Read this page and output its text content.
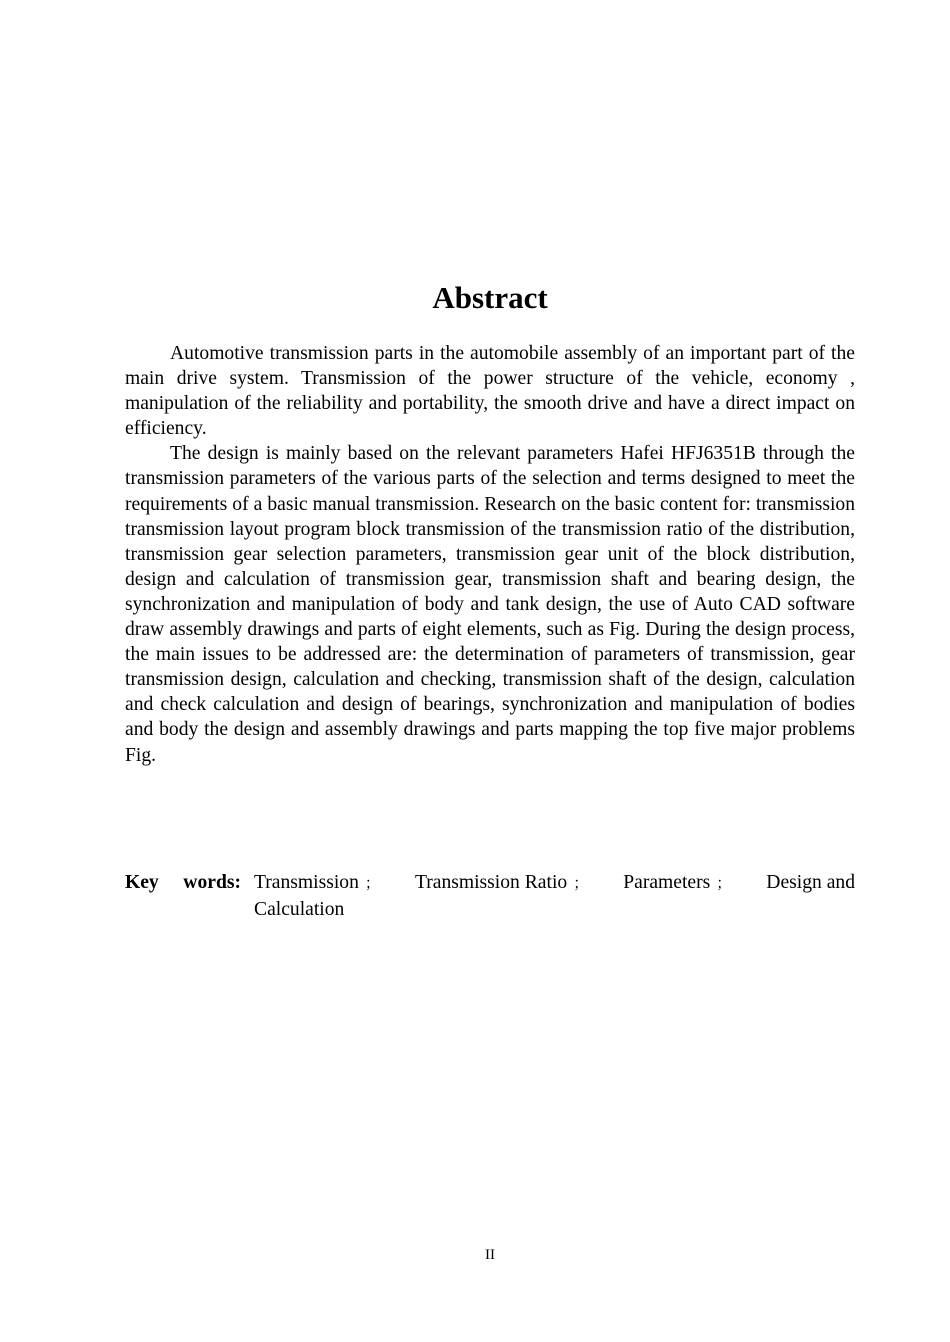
Abstract

Automotive transmission parts in the automobile assembly of an important part of the main drive system. Transmission of the power structure of the vehicle, economy , manipulation of the reliability and portability, the smooth drive and have a direct impact on efficiency.

The design is mainly based on the relevant parameters Hafei HFJ6351B through the transmission parameters of the various parts of the selection and terms designed to meet the requirements of a basic manual transmission. Research on the basic content for: transmission transmission layout program block transmission of the transmission ratio of the distribution, transmission gear selection parameters, transmission gear unit of the block distribution, design and calculation of transmission gear, transmission shaft and bearing design, the synchronization and manipulation of body and tank design, the use of Auto CAD software draw assembly drawings and parts of eight elements, such as Fig. During the design process, the main issues to be addressed are: the determination of parameters of transmission, gear transmission design, calculation and checking, transmission shaft of the design, calculation and check calculation and design of bearings, synchronization and manipulation of bodies and body the design and assembly drawings and parts mapping the top five major problems Fig.

Key words: Transmission ； Transmission Ratio ； Parameters ； Design and
Calculation
II
